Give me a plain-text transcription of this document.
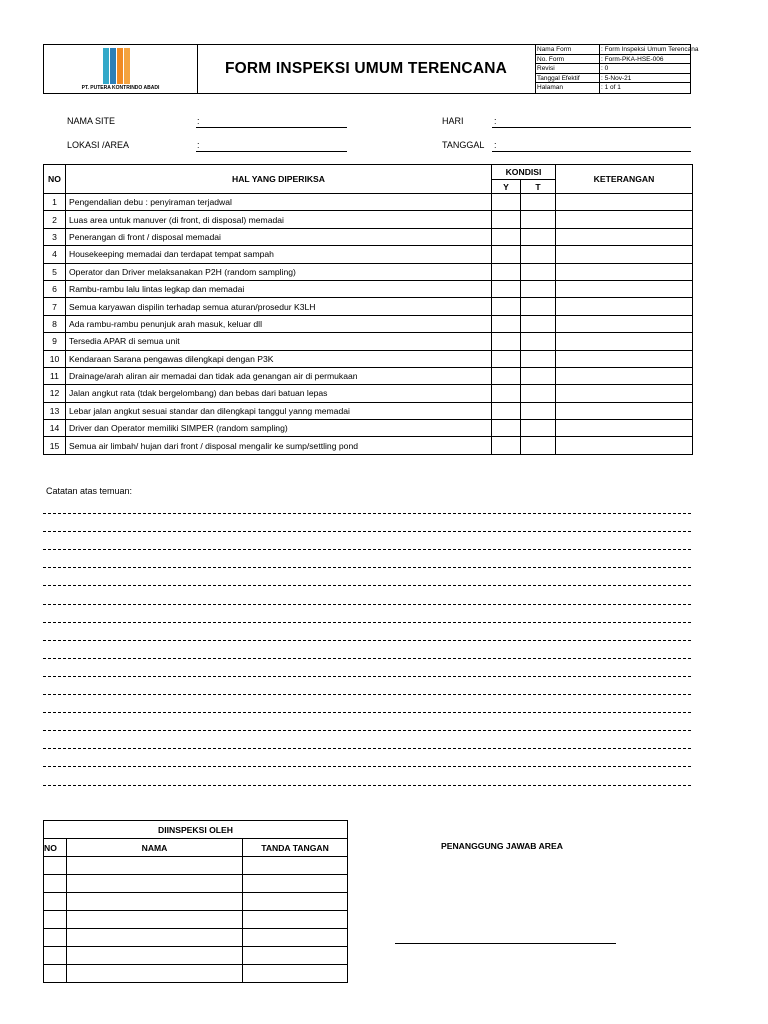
PT. PUTERA KONTRINDO ABADI
FORM INSPEKSI UMUM TERENCANA
Nama Form	: Form Inspeksi Umum Terencana
No. Form	: Form-PKA-HSE-006
Revisi	: 0
Tanggal Efektif	: 5-Nov-21
Halaman	: 1 of 1
NAMA SITE	:
LOKASI /AREA	:
HARI	:
TANGGAL :
NO	HAL YANG DIPERIKSA	KONDISI		KETERANGAN
		Y	T	
1	Pengendalian debu : penyiraman terjadwal			
2	Luas area untuk manuver (di front, di disposal) memadai			
3	Penerangan di front / disposal memadai			
4	Housekeeping memadai dan terdapat tempat sampah			
5	Operator dan Driver melaksanakan P2H (random sampling)			
6	Rambu-rambu lalu lintas legkap dan memadai			
7	Semua karyawan dispilin terhadap semua aturan/prosedur K3LH			
8	Ada rambu-rambu penunjuk arah masuk, keluar dll			
9	Tersedia APAR di semua unit			
10	Kendaraan Sarana pengawas dilengkapi dengan P3K			
11	Drainage/arah aliran air memadai dan tidak ada genangan air di permukaan			
12	Jalan angkut rata (tdak bergelombang) dan bebas dari batuan lepas			
13	Lebar jalan angkut sesuai standar dan dilengkapi tanggul yanng memadai			
14	Driver dan Operator memiliki SIMPER (random sampling)			
15	Semua air limbah/ hujan dari front / disposal mengalir ke sump/settling pond			
Catatan atas temuan:
DIINSPEKSI OLEH		
NO	NAMA	TANDA TANGAN

			PENANGGUNG JAWAB AREA
